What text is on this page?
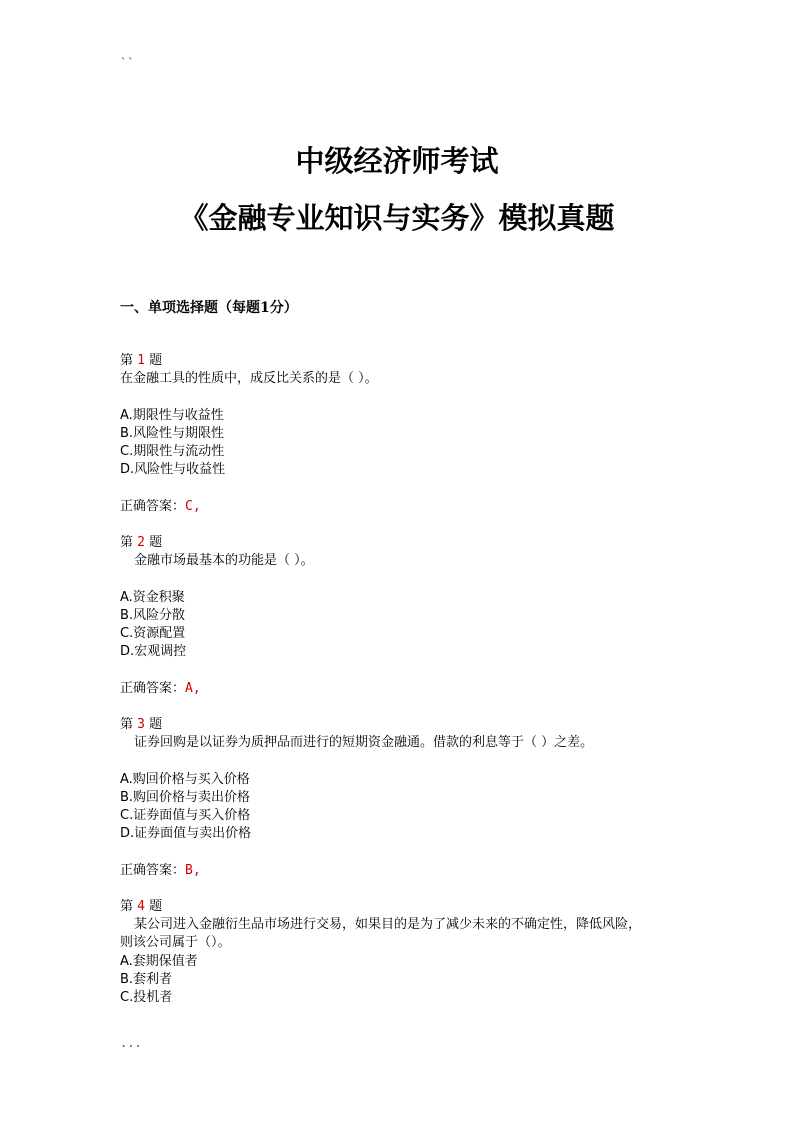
``
中级经济师考试
《金融专业知识与实务》模拟真题
一、单项选择题（每题1分）
第 1 题
在金融工具的性质中，成反比关系的是（ ）。
A.期限性与收益性
B.风险性与期限性
C.期限性与流动性
D.风险性与收益性
正确答案：C,
第 2 题
金融市场最基本的功能是（ ）。
A.资金积聚
B.风险分散
C.资源配置
D.宏观调控
正确答案：A,
第 3 题
证券回购是以证券为质押品而进行的短期资金融通。借款的利息等于（ ）之差。
A.购回价格与买入价格
B.购回价格与卖出价格
C.证券面值与买入价格
D.证券面值与卖出价格
正确答案：B,
第 4 题
某公司进入金融衍生品市场进行交易，如果目的是为了减少未来的不确定性，降低风险，
则该公司属于（）。
A.套期保值者
B.套利者
C.投机者
...
